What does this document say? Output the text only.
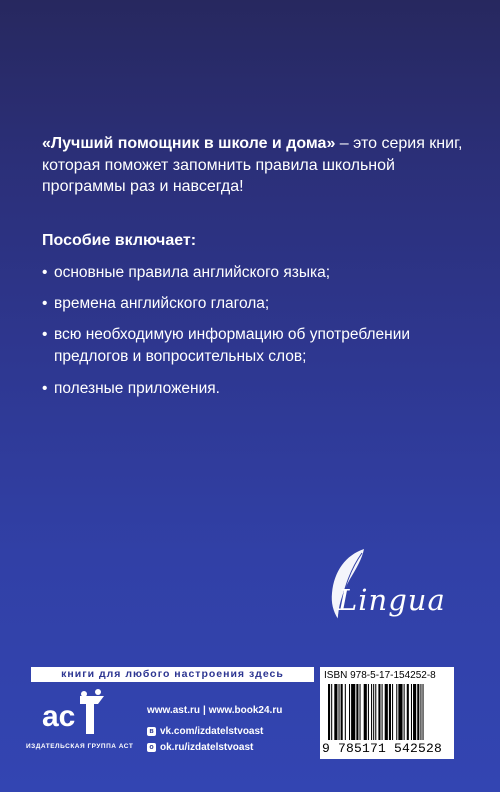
«Лучший помощник в школе и дома» – это серия книг, которая поможет запомнить правила школьной программы раз и навсегда!
Пособие включает:
• основные правила английского языка;
• времена английского глагола;
• всю необходимую информацию об употреблении предлогов и вопросительных слов;
• полезные приложения.
Lingua
книги для любого настроения здесь
ас
ИЗДАТЕЛЬСКАЯ ГРУППА АСТ
www.ast.ru | www.book24.ru
в vk.com/izdatelstvoast
o ok.ru/izdatelstvoast
ISBN 978-5-17-154252-8
9 785171 542528
